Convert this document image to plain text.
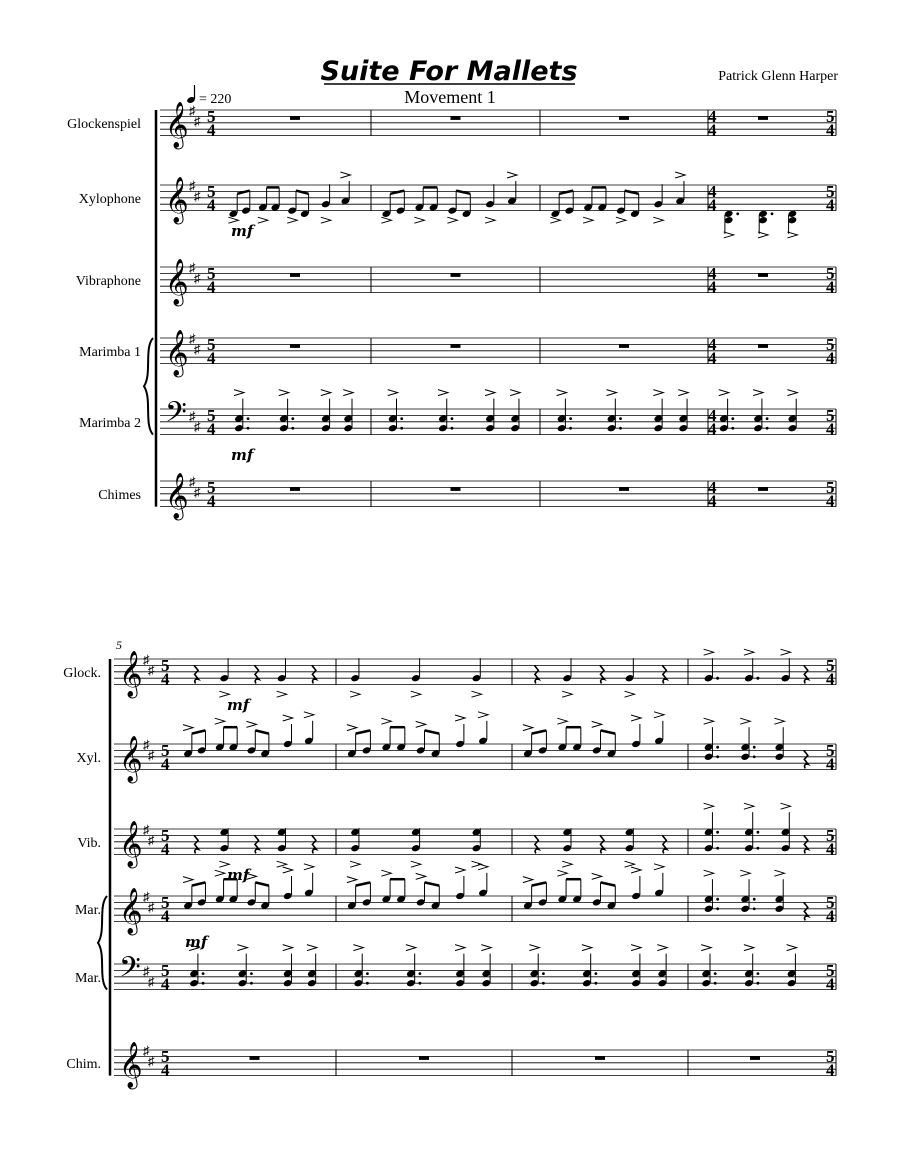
Suite For Mallets
Movement 1
Patrick Glenn Harper
= 220
Glockenspiel 𝄞 ♯
♯ 5
4
4
4
5
4
Xylophone 𝄞 ♯
♯ 5
4
4
4
5
4
mf
Vibraphone 𝄞 ♯
♯ 5
4
4
4
5
4
Marimba 1 𝄞 ♯
♯ 5
4
4
4
5
4
Marimba 2 𝄢 ♯
♯
5
4
4
4
5
4
mf
Chimes 𝄞 ♯
♯ 5
4
4
4
5
4
5
Glock. 𝄞 ♯
♯ 5
4
5
4
mf
Xyl. 𝄞 ♯
♯ 5
4
5
4
Vib. 𝄞 ♯
♯ 5
4
5
4
mf
Mar. 𝄞 ♯
♯ 5
4
5
4
mf
Mar. 𝄢 ♯
♯
5
4
5
4
Chim. 𝄞 ♯
♯ 5
4
5
4
